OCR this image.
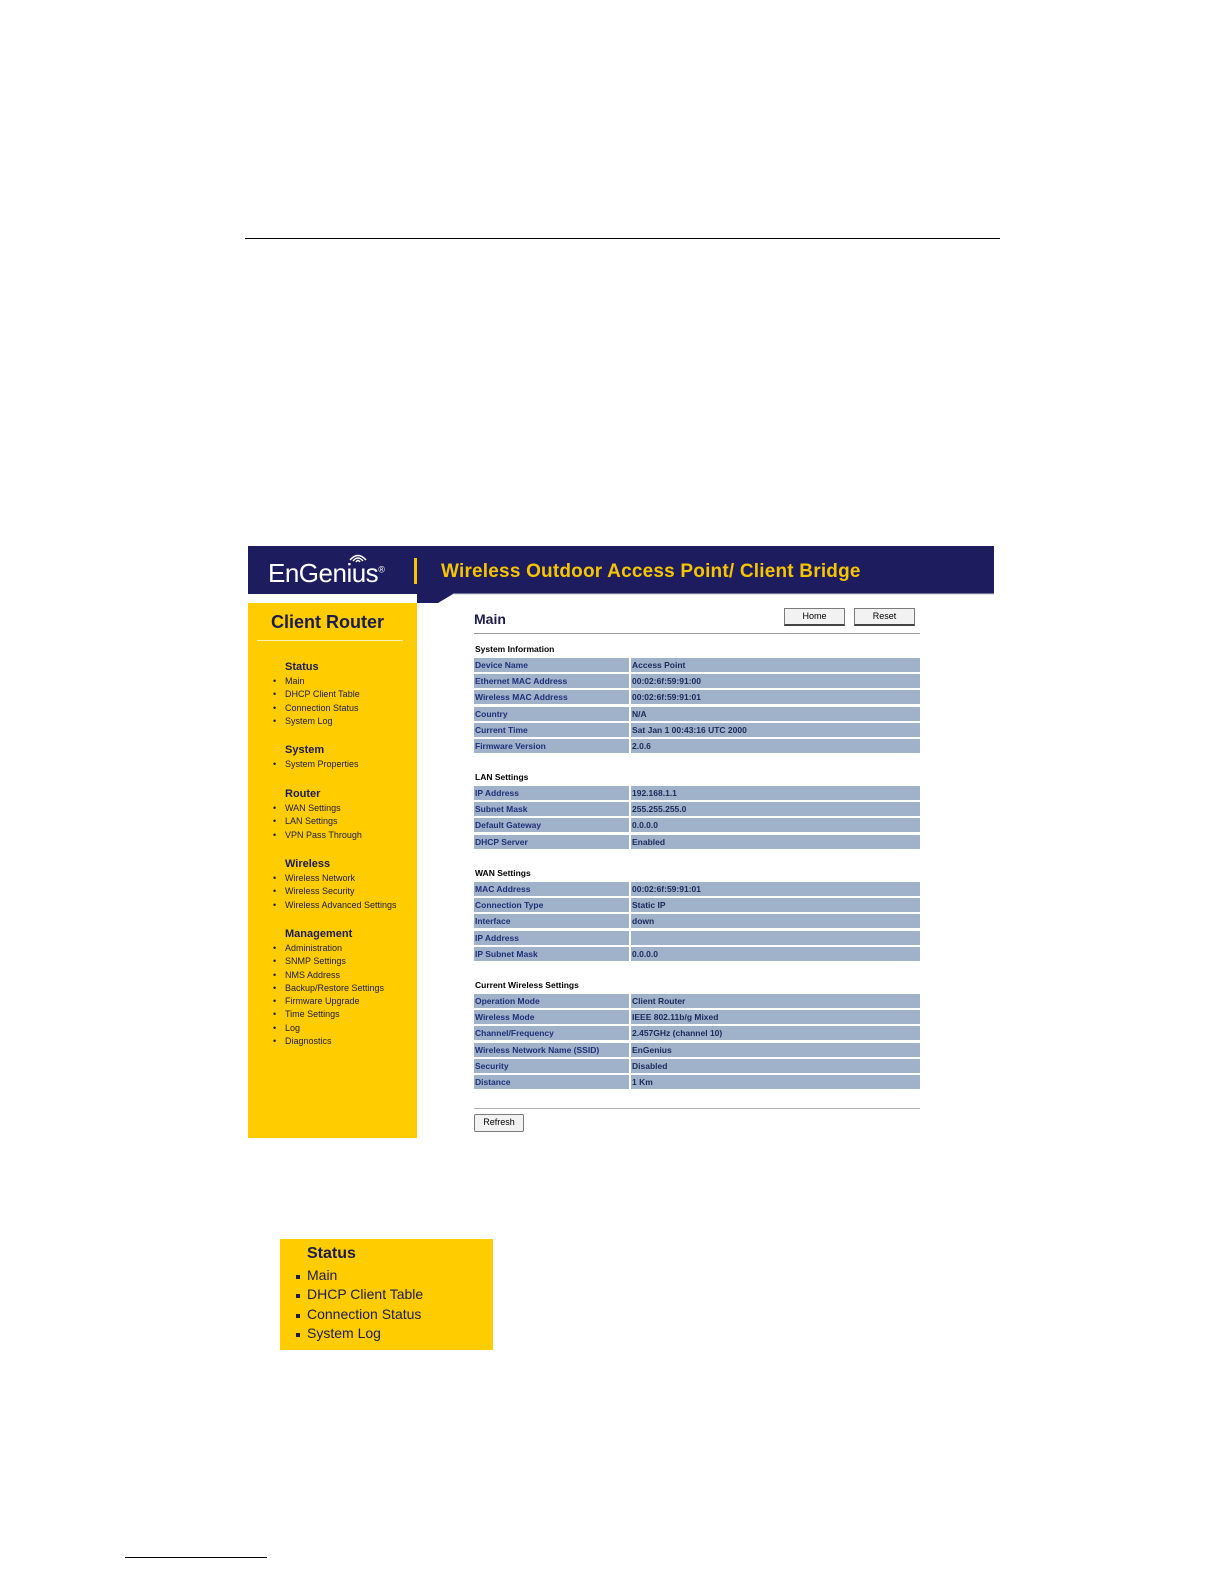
EnGenius®	Wireless Outdoor Access Point/ Client Bridge
Client Router
Status
• Main
• DHCP Client Table
• Connection Status
• System Log
System
• System Properties
Router
• WAN Settings
• LAN Settings
• VPN Pass Through
Wireless
• Wireless Network
• Wireless Security
• Wireless Advanced Settings
Management
• Administration
• SNMP Settings
• NMS Address
• Backup/Restore Settings
• Firmware Upgrade
• Time Settings
• Log
• Diagnostics
Main	Home	Reset
System Information
Device Name	Access Point
Ethernet MAC Address	00:02:6f:59:91:00
Wireless MAC Address	00:02:6f:59:91:01
Country	N/A
Current Time	Sat Jan 1 00:43:16 UTC 2000
Firmware Version	2.0.6
LAN Settings
IP Address	192.168.1.1
Subnet Mask	255.255.255.0
Default Gateway	0.0.0.0
DHCP Server	Enabled
WAN Settings
MAC Address	00:02:6f:59:91:01
Connection Type	Static IP
Interface	down
IP Address
IP Subnet Mask	0.0.0.0
Current Wireless Settings
Operation Mode	Client Router
Wireless Mode	IEEE 802.11b/g Mixed
Channel/Frequency	2.457GHz (channel 10)
Wireless Network Name (SSID)	EnGenius
Security	Disabled
Distance	1 Km
Refresh
Status
Main
DHCP Client Table
Connection Status
System Log
